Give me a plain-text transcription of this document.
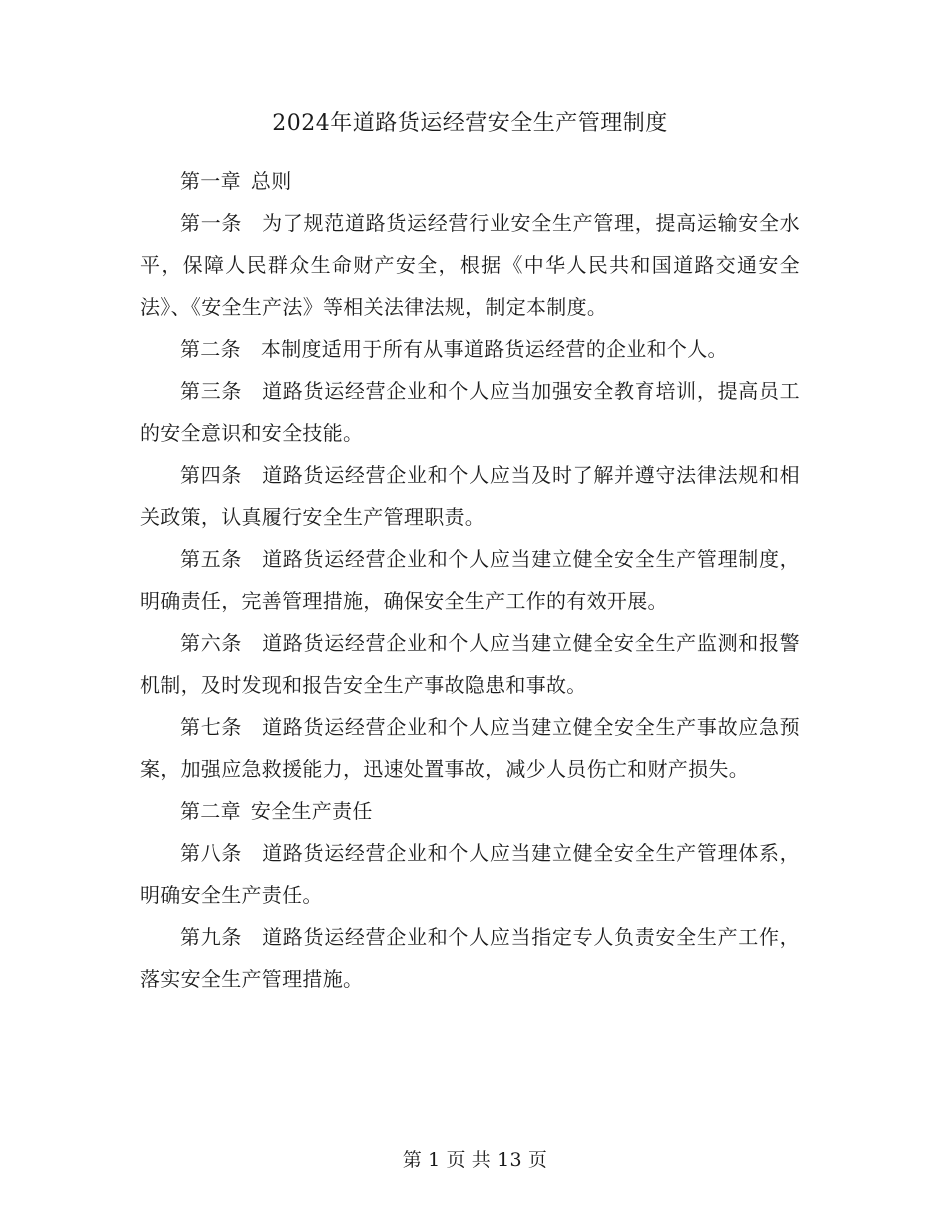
2024年道路货运经营安全生产管理制度

第一章 总则

第一条 为了规范道路货运经营行业安全生产管理，提高运输安全水平，保障人民群众生命财产安全，根据《中华人民共和国道路交通安全法》、《安全生产法》等相关法律法规，制定本制度。

第二条 本制度适用于所有从事道路货运经营的企业和个人。

第三条 道路货运经营企业和个人应当加强安全教育培训，提高员工的安全意识和安全技能。

第四条 道路货运经营企业和个人应当及时了解并遵守法律法规和相关政策，认真履行安全生产管理职责。

第五条 道路货运经营企业和个人应当建立健全安全生产管理制度，明确责任，完善管理措施，确保安全生产工作的有效开展。

第六条 道路货运经营企业和个人应当建立健全安全生产监测和报警机制，及时发现和报告安全生产事故隐患和事故。

第七条 道路货运经营企业和个人应当建立健全安全生产事故应急预案，加强应急救援能力，迅速处置事故，减少人员伤亡和财产损失。

第二章 安全生产责任

第八条 道路货运经营企业和个人应当建立健全安全生产管理体系，明确安全生产责任。

第九条 道路货运经营企业和个人应当指定专人负责安全生产工作，落实安全生产管理措施。

第 1 页 共 13 页
